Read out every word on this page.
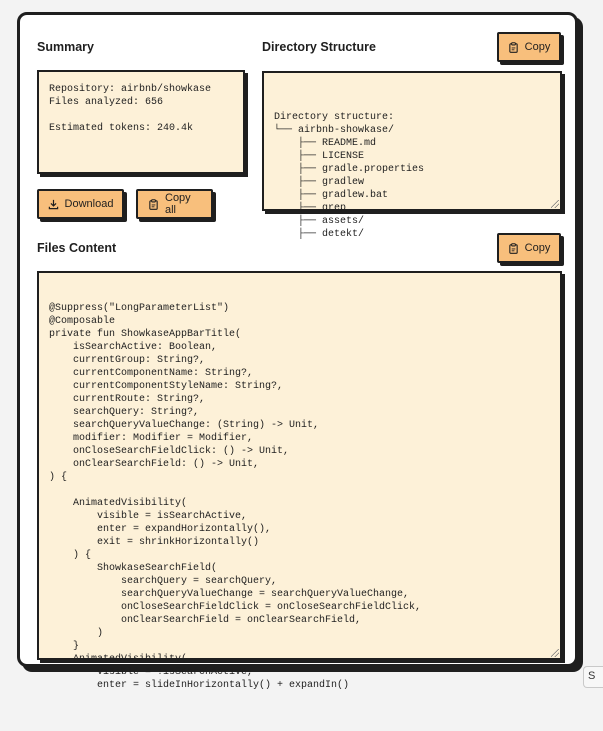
Summary
Repository: airbnb/showkase
Files analyzed: 656

Estimated tokens: 240.4k
Download	Copy all
Directory Structure	Copy

Directory structure:
└── airbnb-showkase/
├── README.md
├── LICENSE
├── gradle.properties
├── gradlew
├── gradlew.bat
├── grep
├── assets/
├── detekt/

Files Content	Copy

@Suppress("LongParameterList")
@Composable
private fun ShowkaseAppBarTitle(
isSearchActive: Boolean,
currentGroup: String?,
currentComponentName: String?,
currentComponentStyleName: String?,
currentRoute: String?,
searchQuery: String?,
searchQueryValueChange: (String) -> Unit,
modifier: Modifier = Modifier,
onCloseSearchFieldClick: () -> Unit,
onClearSearchField: () -> Unit,
) {

AnimatedVisibility(
visible = isSearchActive,
enter = expandHorizontally(),
exit = shrinkHorizontally()
) {
ShowkaseSearchField(
searchQuery = searchQuery,
searchQueryValueChange = searchQueryValueChange,
onCloseSearchFieldClick = onCloseSearchFieldClick,
onClearSearchField = onClearSearchField,
)
}
AnimatedVisibility(
visible = !isSearchActive,
enter = slideInHorizontally() + expandIn()

S
